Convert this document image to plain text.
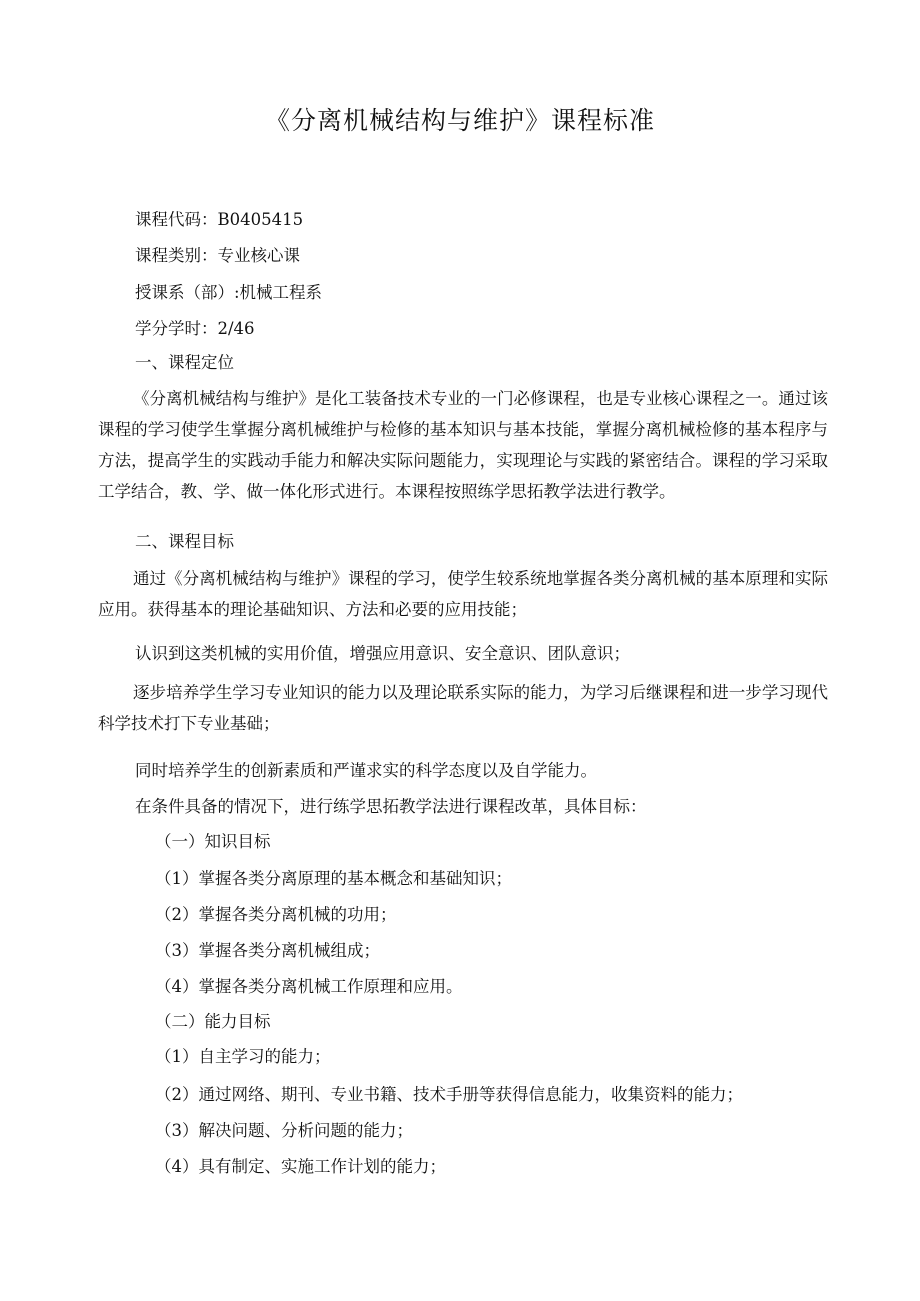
《分离机械结构与维护》课程标准
课程代码：B0405415
课程类别：专业核心课
授课系（部）:机械工程系
学分学时：2/46
一、课程定位
《分离机械结构与维护》是化工装备技术专业的一门必修课程，也是专业核心课程之一。通过该课程的学习使学生掌握分离机械维护与检修的基本知识与基本技能，掌握分离机械检修的基本程序与方法，提高学生的实践动手能力和解决实际问题能力，实现理论与实践的紧密结合。课程的学习采取工学结合，教、学、做一体化形式进行。本课程按照练学思拓教学法进行教学。
二、课程目标
通过《分离机械结构与维护》课程的学习，使学生较系统地掌握各类分离机械的基本原理和实际应用。获得基本的理论基础知识、方法和必要的应用技能；
认识到这类机械的实用价值，增强应用意识、安全意识、团队意识；
逐步培养学生学习专业知识的能力以及理论联系实际的能力，为学习后继课程和进一步学习现代科学技术打下专业基础；
同时培养学生的创新素质和严谨求实的科学态度以及自学能力。
在条件具备的情况下，进行练学思拓教学法进行课程改革，具体目标：
（一）知识目标
（1）掌握各类分离原理的基本概念和基础知识；
（2）掌握各类分离机械的功用；
（3）掌握各类分离机械组成；
（4）掌握各类分离机械工作原理和应用。
（二）能力目标
（1）自主学习的能力；
（2）通过网络、期刊、专业书籍、技术手册等获得信息能力，收集资料的能力；
（3）解决问题、分析问题的能力；
（4）具有制定、实施工作计划的能力；
